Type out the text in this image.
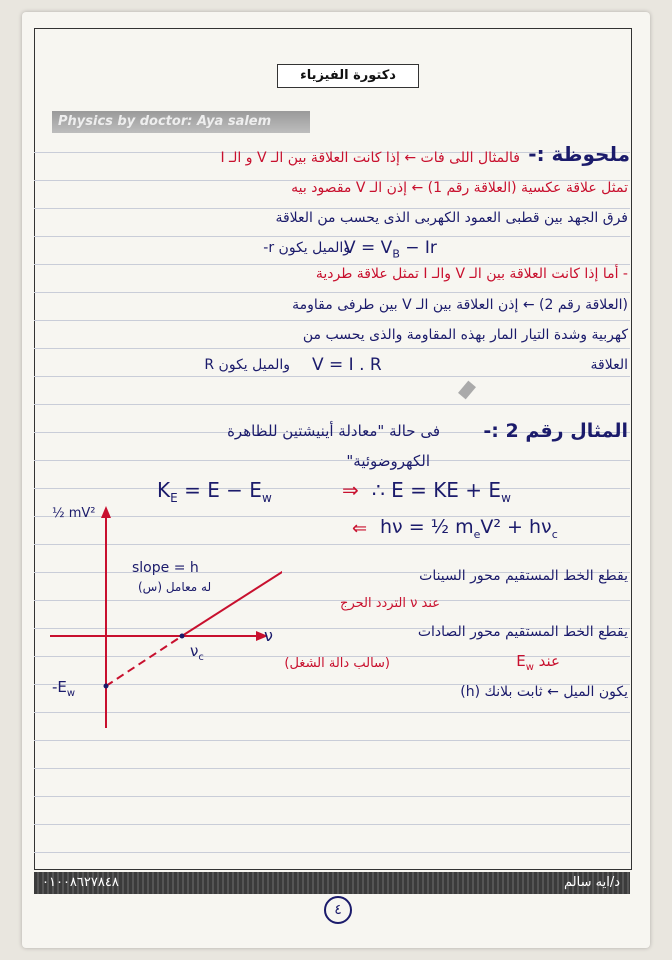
دكتورة الفيزياء
Physics by doctor: Aya salem
ملحوظة :-
فالمثال اللى فات ← إذا كانت العلاقة بين الـ V و الـ I
تمثل علاقة عكسية (العلاقة رقم 1) ← إذن الـ V مقصود بيه
فرق الجهد بين قطبى العمود الكهربى الذى يحسب من العلاقة
والميل يكون r-
$V = V_B - Ir$
- أما إذا كانت العلاقة بين الـ V والـ I تمثل علاقة طردية
(العلاقة رقم 2) ← إذن العلاقة بين الـ V بين طرفى مقاومة
كهربية وشدة التيار المار بهذه المقاومة والذى يحسب من
العلاقة
V = I . R
والميل يكون R
المثال رقم 2 :-
فى حالة "معادلة أينيشتين للظاهرة
الكهروضوئية"
$K_E = E - E_w$	⇒ ∴ E = KE + $E_w$
⇐ hν = ½ $m_eV^2 + h\nu_c$
½ mV²
slope = h
له معامل (س)
ν
$\nu_c$
$-E_w$
يقطع الخط المستقيم محور السينات
عند ν التردد الحرج
يقطع الخط المستقيم محور الصادات
عند $E_w$
(سالب دالة الشغل)
يكون الميل ← ثابت بلانك (h)
٠١٠٠٨٦٢٧٨٤٨	د/ايه سالم
٤
